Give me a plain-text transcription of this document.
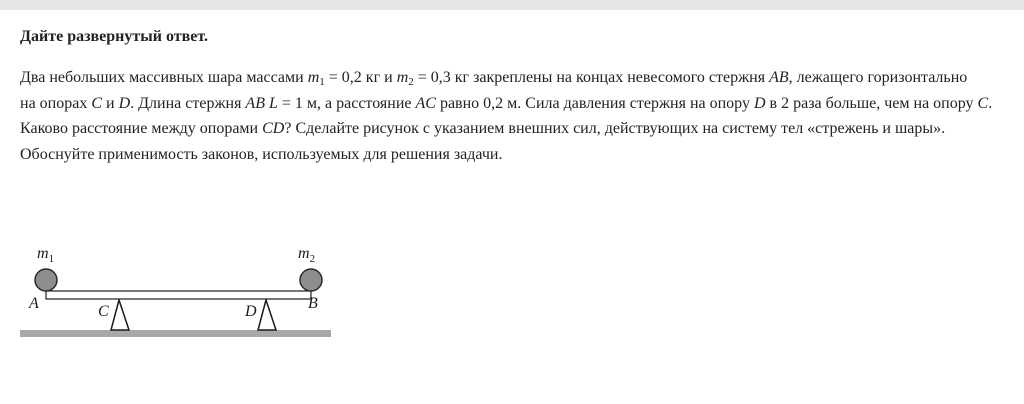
Дайте развернутый ответ.

Два небольших массивных шара массами $m_1 = 0,2$ кг и $m_2 = 0,3$ кг закреплены на концах невесомого стержня AB, лежащего горизонтально

на опорах C и D. Длина стержня AB L = 1 м, а расстояние AC равно 0,2 м. Сила давления стержня на опору D в 2 раза больше, чем на опору C. Каково расстояние между опорами CD? Сделайте рисунок с указанием внешних сил, действующих на систему тел «стрежень и шары».

Обоснуйте применимость законов, используемых для решения задачи.

$m_1$	$m_2$
A	B
C	D
